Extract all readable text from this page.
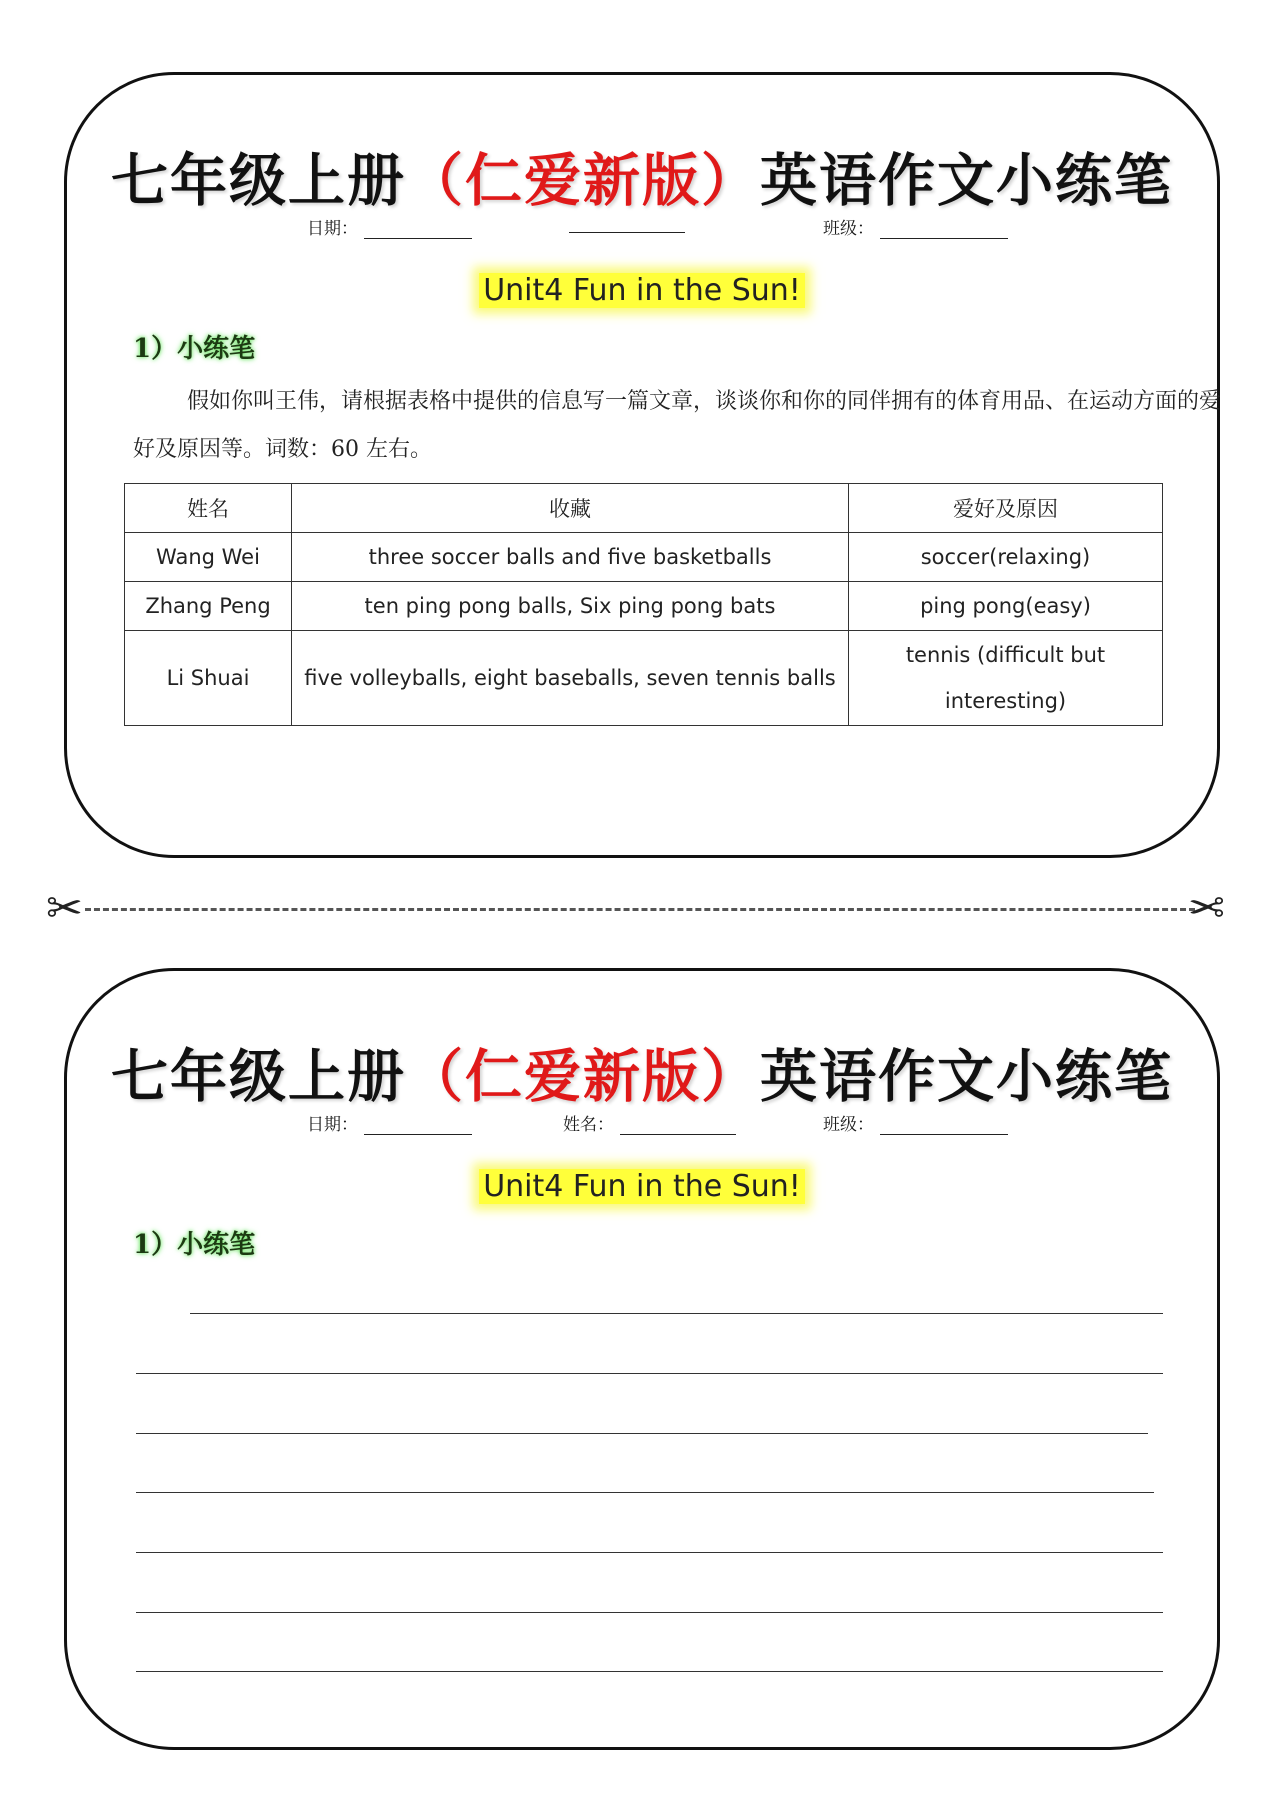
七年级上册（仁爱新版）英语作文小练笔
日期：	班级：
Unit4 Fun in the Sun!
1）小练笔
假如你叫王伟，请根据表格中提供的信息写一篇文章，谈谈你和你的同伴拥有的体育用品、在运动方面的爱好及原因等。词数：60 左右。
姓名	收藏	爱好及原因
Wang Wei	three soccer balls and five basketballs	soccer(relaxing)
Zhang Peng	ten ping pong balls, Six ping pong bats	ping pong(easy)
Li Shuai	five volleyballs, eight baseballs, seven tennis balls	tennis (difficult but interesting)
✂	✂
七年级上册（仁爱新版）英语作文小练笔
日期：	姓名：	班级：
Unit4 Fun in the Sun!
1）小练笔
